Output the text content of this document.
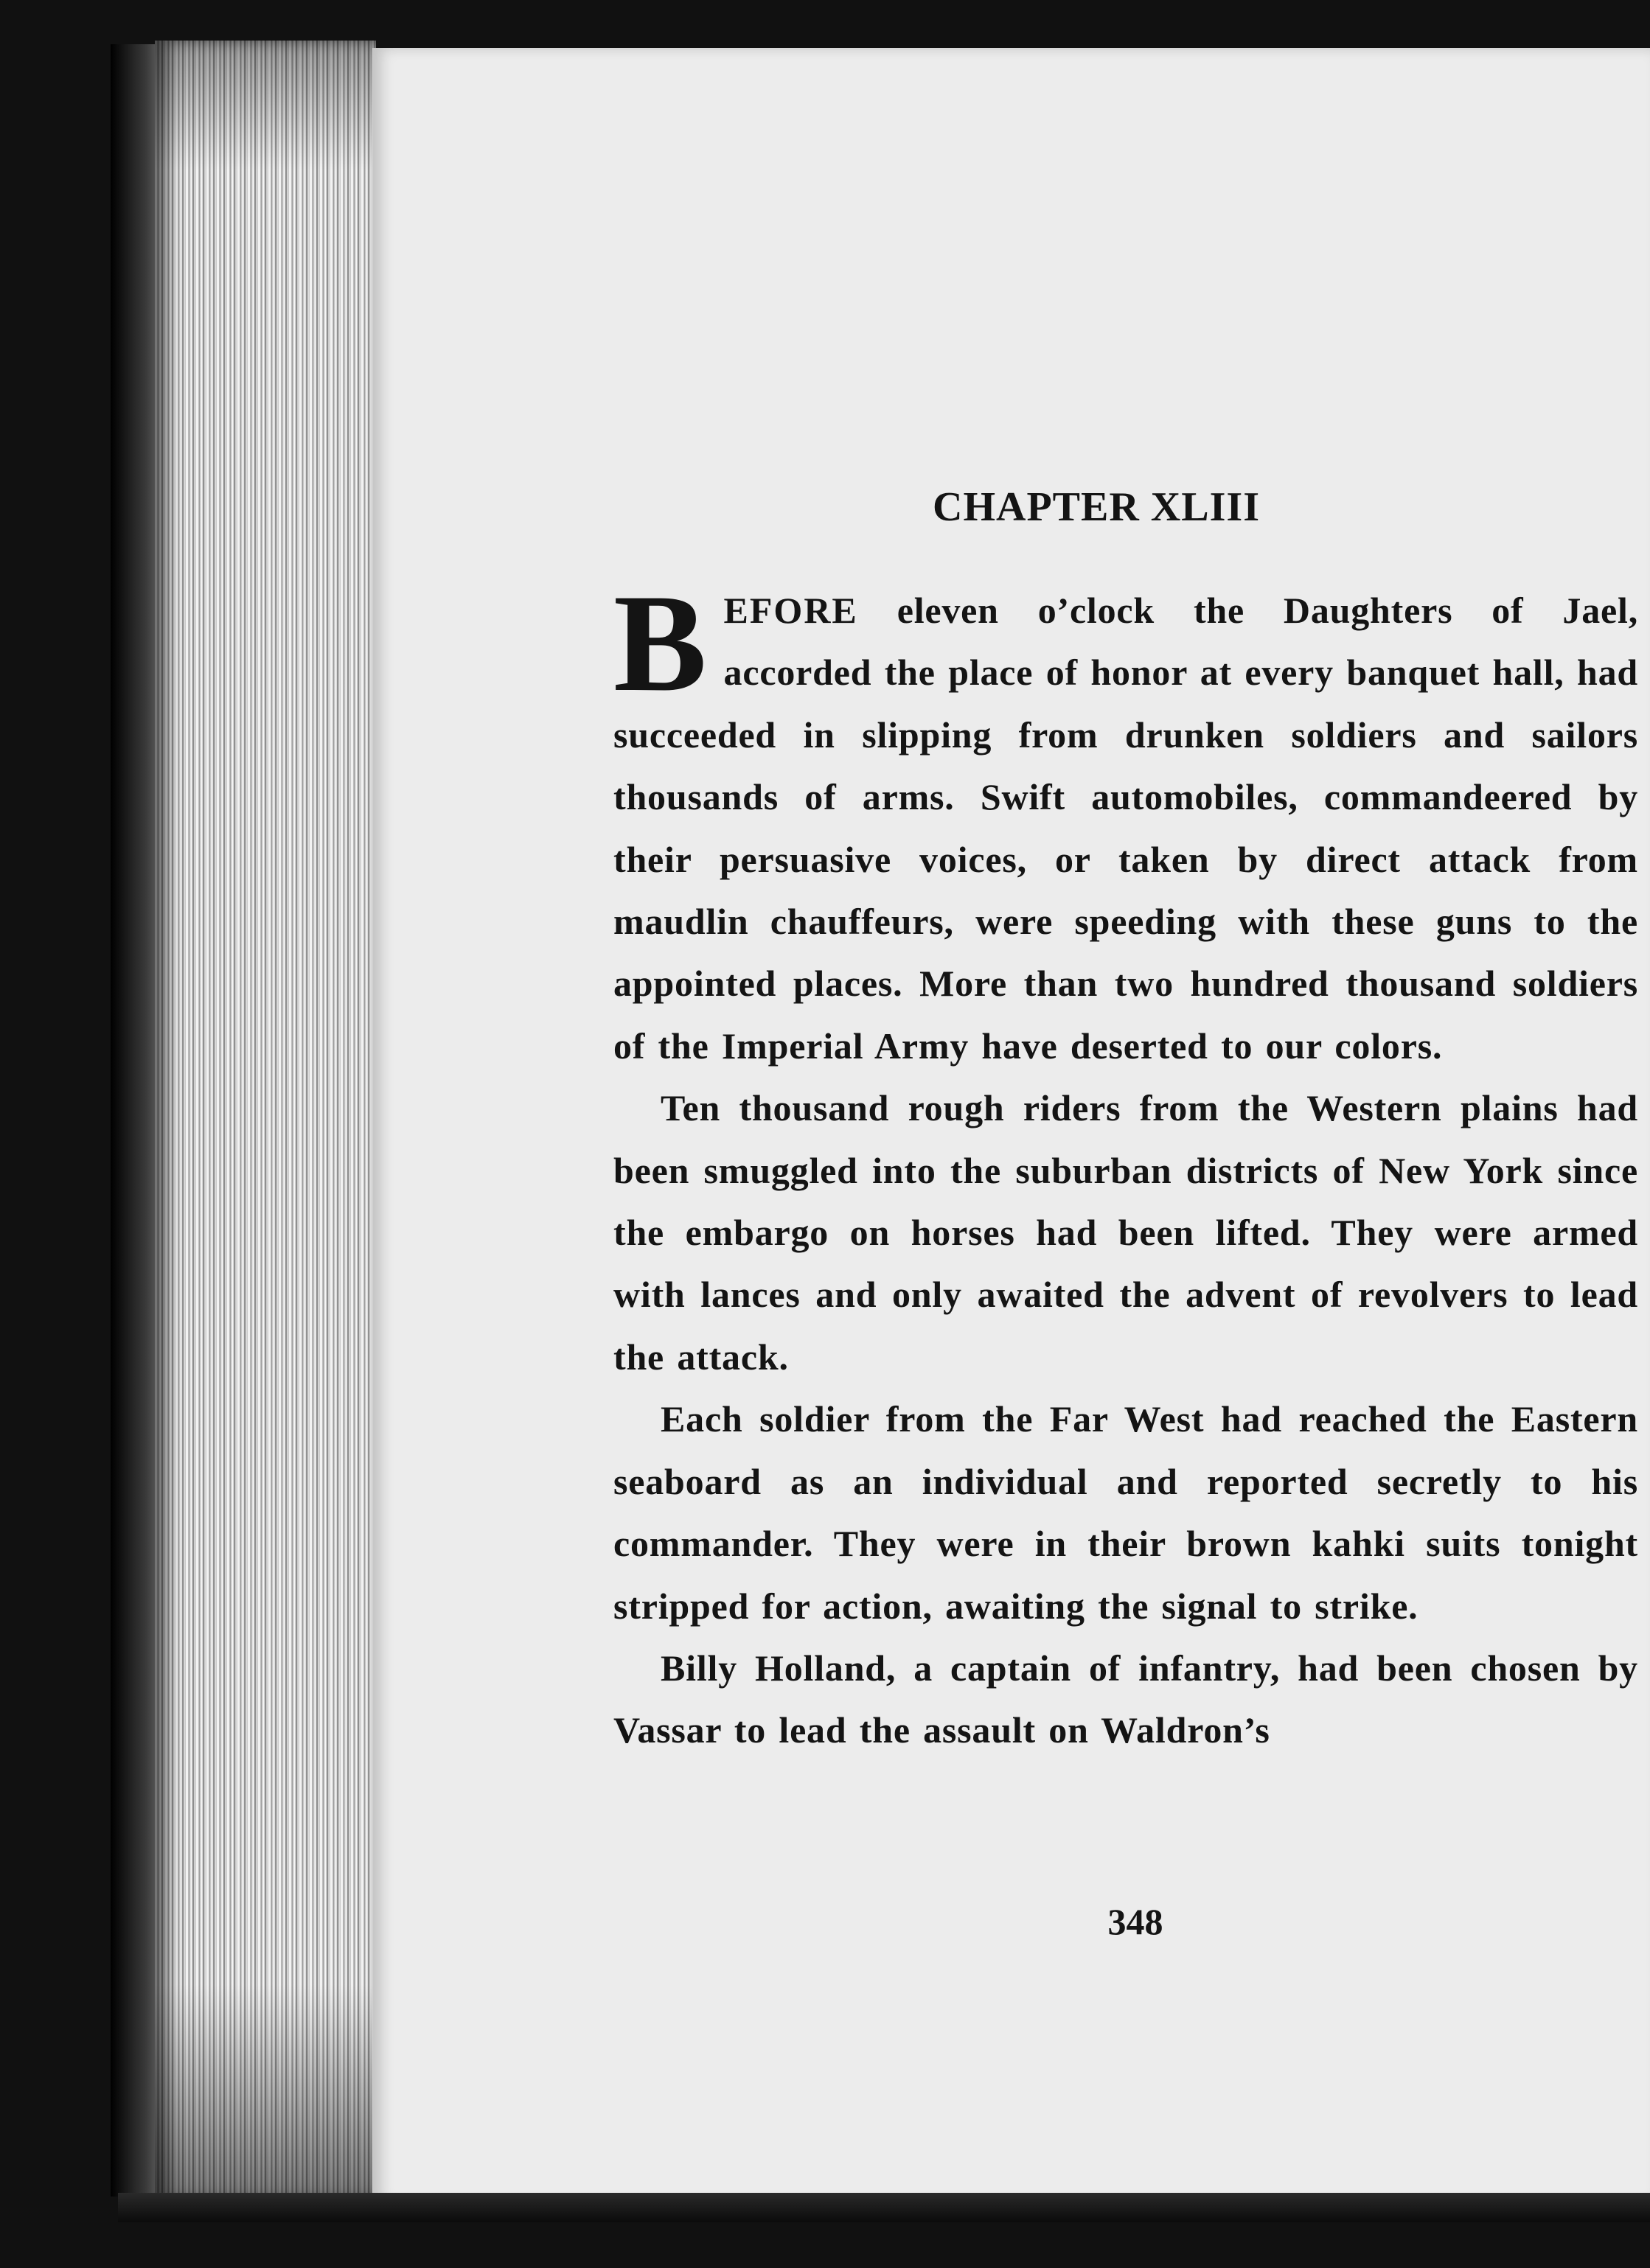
CHAPTER XLIII

BEFORE eleven o’clock the Daughters of Jael, accorded the place of honor at every banquet hall, had succeeded in slipping from drunken soldiers and sailors thousands of arms. Swift automobiles, commandeered by their persuasive voices, or taken by direct attack from maudlin chauffeurs, were speeding with these guns to the appointed places. More than two hundred thousand soldiers of the Imperial Army have deserted to our colors.

Ten thousand rough riders from the Western plains had been smuggled into the suburban districts of New York since the embargo on horses had been lifted. They were armed with lances and only awaited the advent of revolvers to lead the attack.

Each soldier from the Far West had reached the Eastern seaboard as an individual and reported secretly to his commander. They were in their brown kahki suits tonight stripped for action, awaiting the signal to strike.

Billy Holland, a captain of infantry, had been chosen by Vassar to lead the assault on Waldron’s

348
